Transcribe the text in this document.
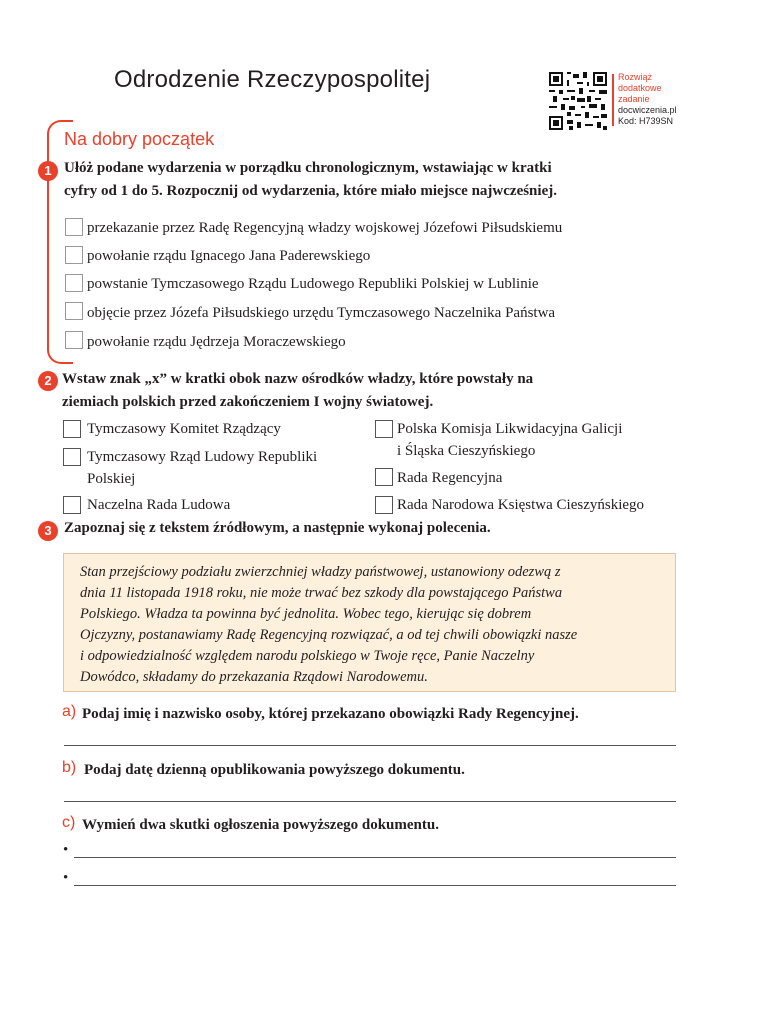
Odrodzenie Rzeczypospolitej	Rozwiąż
dodatkowe
zadanie
docwiczenia.pl
Kod: H739SN
Na dobry początek
1 Ułóż podane wydarzenia w porządku chronologicznym, wstawiając w kratki
cyfry od 1 do 5. Rozpocznij od wydarzenia, które miało miejsce najwcześniej.
przekazanie przez Radę Regencyjną władzy wojskowej Józefowi Piłsudskiemu
powołanie rządu Ignacego Jana Paderewskiego
powstanie Tymczasowego Rządu Ludowego Republiki Polskiej w Lublinie
objęcie przez Józefa Piłsudskiego urzędu Tymczasowego Naczelnika Państwa
powołanie rządu Jędrzeja Moraczewskiego
2 Wstaw znak „x” w kratki obok nazw ośrodków władzy, które powstały na
ziemiach polskich przed zakończeniem I wojny światowej.
Tymczasowy Komitet Rządzący
Tymczasowy Rząd Ludowy Republiki
Polskiej
Naczelna Rada Ludowa
Polska Komisja Likwidacyjna Galicji
i Śląska Cieszyńskiego
Rada Regencyjna
Rada Narodowa Księstwa Cieszyńskiego
3 Zapoznaj się z tekstem źródłowym, a następnie wykonaj polecenia.
Stan przejściowy podziału zwierzchniej władzy państwowej, ustanowiony odezwą z
dnia 11 listopada 1918 roku, nie może trwać bez szkody dla powstającego Państwa
Polskiego. Władza ta powinna być jednolita. Wobec tego, kierując się dobrem
Ojczyzny, postanawiamy Radę Regencyjną rozwiązać, a od tej chwili obowiązki nasze
i odpowiedzialność względem narodu polskiego w Twoje ręce, Panie Naczelny
Dowódco, składamy do przekazania Rządowi Narodowemu.
a) Podaj imię i nazwisko osoby, której przekazano obowiązki Rady Regencyjnej.
b) Podaj datę dzienną opublikowania powyższego dokumentu.
c) Wymień dwa skutki ogłoszenia powyższego dokumentu.
•
•
